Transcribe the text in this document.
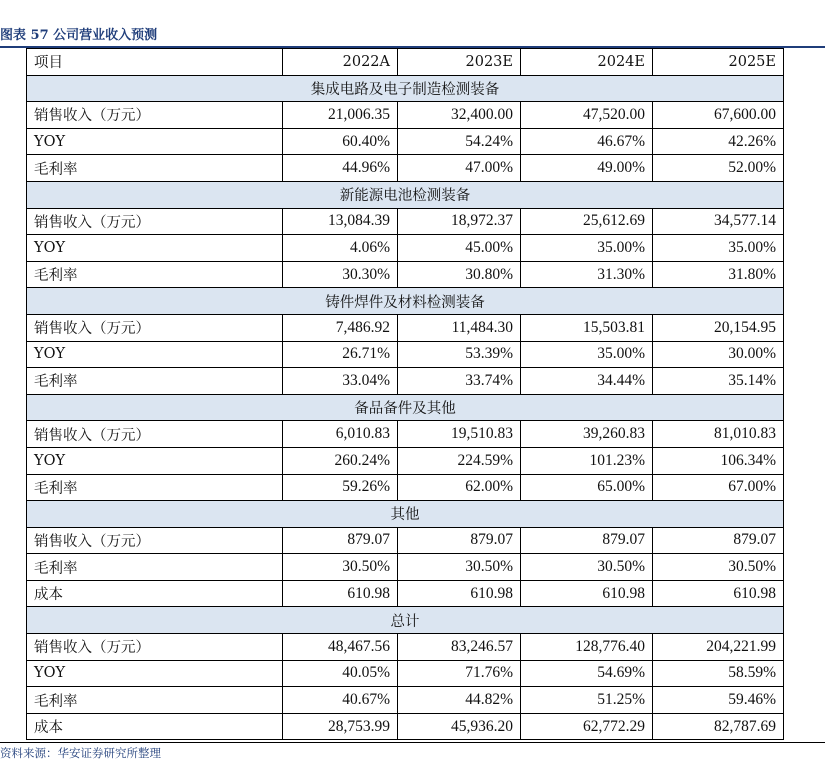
图表 57 公司营业收入预测
项目	2022A	2023E	2024E	2025E
集成电路及电子制造检测装备				
销售收入（万元）	21,006.35	32,400.00	47,520.00	67,600.00
YOY	60.40%	54.24%	46.67%	42.26%
毛利率	44.96%	47.00%	49.00%	52.00%
新能源电池检测装备				
销售收入（万元）	13,084.39	18,972.37	25,612.69	34,577.14
YOY	4.06%	45.00%	35.00%	35.00%
毛利率	30.30%	30.80%	31.30%	31.80%
铸件焊件及材料检测装备				
销售收入（万元）	7,486.92	11,484.30	15,503.81	20,154.95
YOY	26.71%	53.39%	35.00%	30.00%
毛利率	33.04%	33.74%	34.44%	35.14%
备品备件及其他				
销售收入（万元）	6,010.83	19,510.83	39,260.83	81,010.83
YOY	260.24%	224.59%	101.23%	106.34%
毛利率	59.26%	62.00%	65.00%	67.00%
其他				
销售收入（万元）	879.07	879.07	879.07	879.07
毛利率	30.50%	30.50%	30.50%	30.50%
成本	610.98	610.98	610.98	610.98
总计				
销售收入（万元）	48,467.56	83,246.57	128,776.40	204,221.99
YOY	40.05%	71.76%	54.69%	58.59%
毛利率	40.67%	44.82%	51.25%	59.46%
成本	28,753.99	45,936.20	62,772.29	82,787.69
资料来源：华安证券研究所整理
